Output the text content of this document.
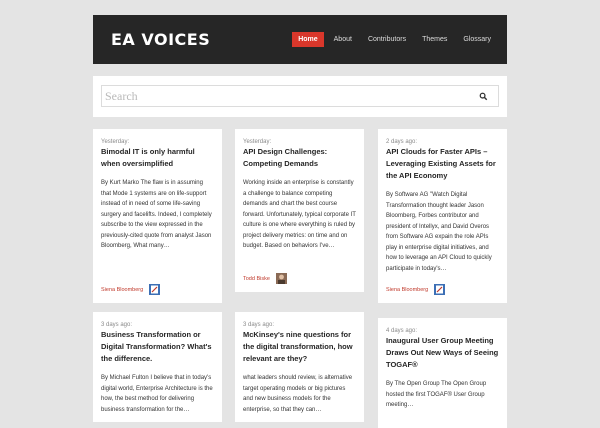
EA VOICES	Home	About	Contributors	Themes	Glossary
Search
Yesterday:
Bimodal IT is only harmful when oversimplified
By Kurt Marko The flaw is in assuming that Mode 1 systems are on life-support instead of in need of some life-saving surgery and facelifts. Indeed, I completely subscribe to the view expressed in the previously-cited quote from analyst Jason Bloomberg, What many…
Siena Bloomberg
Yesterday:
API Design Challenges: Competing Demands
Working inside an enterprise is constantly a challenge to balance competing demands and chart the best course forward. Unfortunately, typical corporate IT culture is one where everything is ruled by project delivery metrics: on time and on budget. Based on behaviors I've…
Todd Biske
2 days ago:
API Clouds for Faster APIs – Leveraging Existing Assets for the API Economy
By Software AG "Watch Digital Transformation thought leader Jason Bloomberg, Forbes contributor and president of Intellyx, and David Overos from Software AG expain the role APIs play in enterprise digital initiatives, and how to leverage an API Cloud to quickly participate in today's…
Siena Bloomberg
3 days ago:
Business Transformation or Digital Transformation? What's the difference.
By Michael Fulton I believe that in today's digital world, Enterprise Architecture is the how, the best method for delivering business transformation for the…
3 days ago:
McKinsey's nine questions for the digital transformation, how relevant are they?
what leaders should review, is alternative target operating models or big pictures and new business models for the enterprise, so that they can…
4 days ago:
Inaugural User Group Meeting Draws Out New Ways of Seeing TOGAF®
By The Open Group The Open Group hosted the first TOGAF® User Group meeting…
